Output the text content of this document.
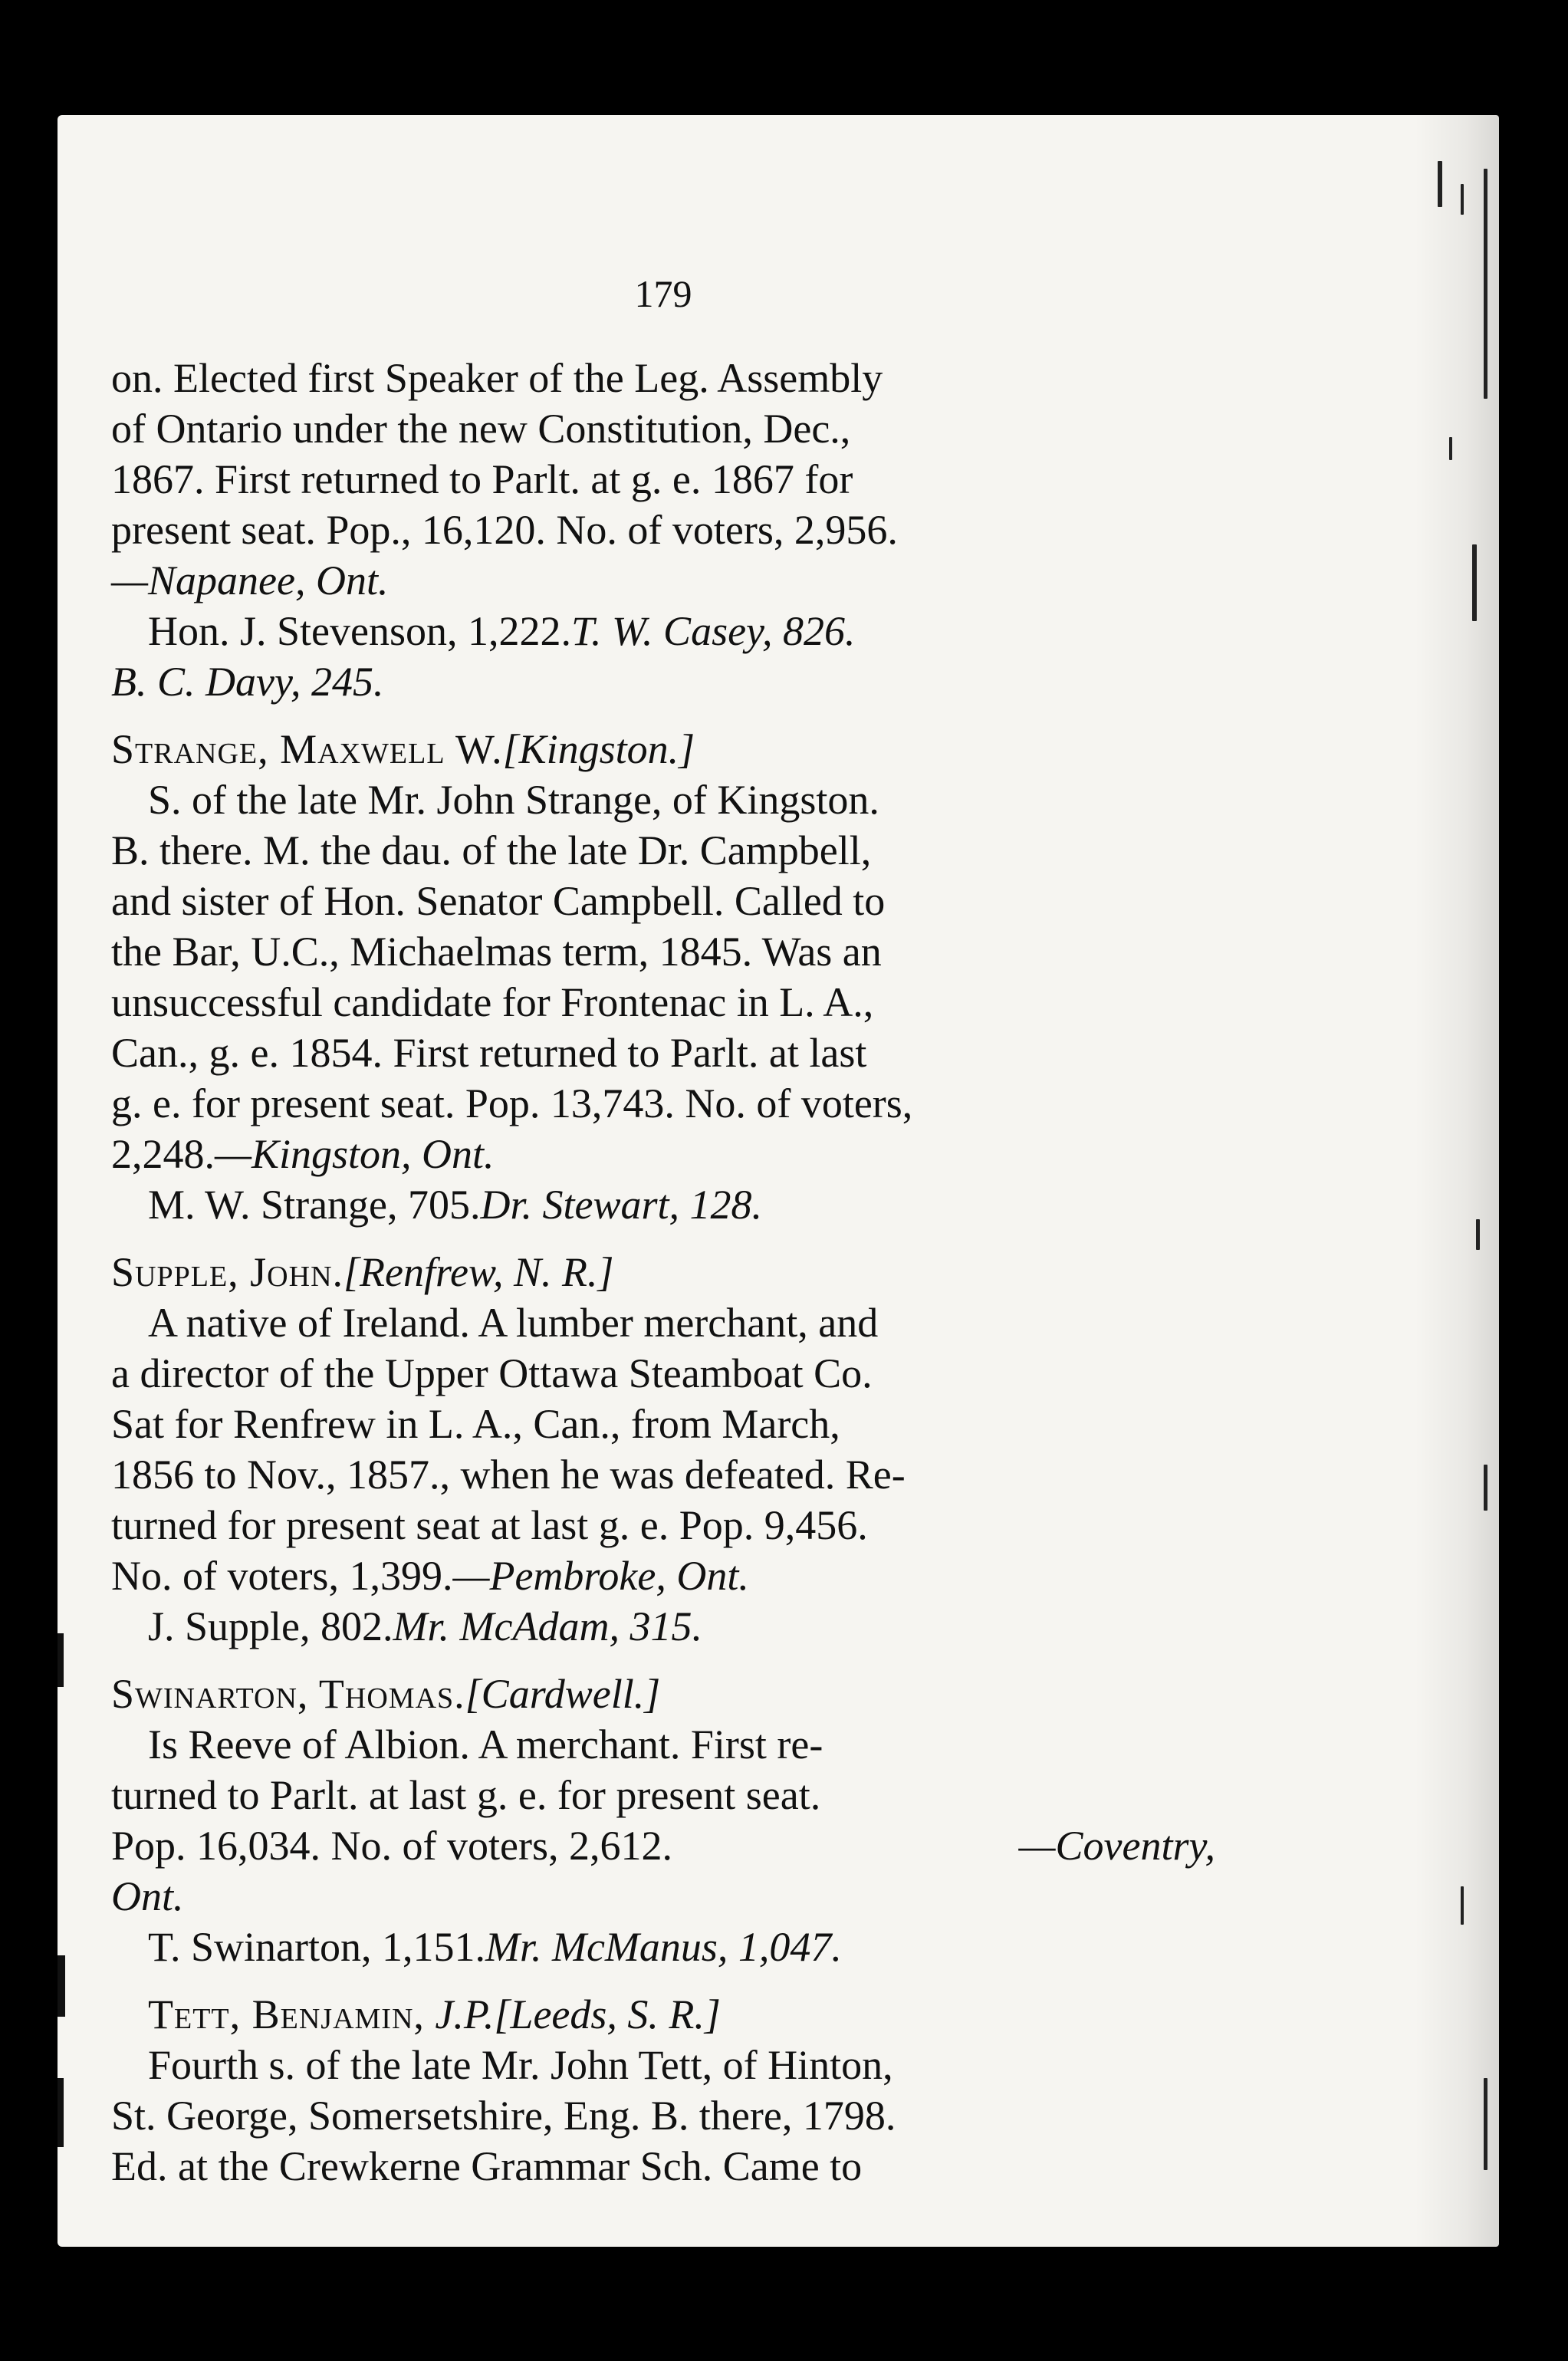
179
on. Elected first Speaker of the Leg. Assembly
of Ontario under the new Constitution, Dec.,
1867. First returned to Parlt. at g. e. 1867 for
present seat. Pop., 16,120. No. of voters, 2,956.
—Napanee, Ont.
Hon. J. Stevenson, 1,222. T. W. Casey, 826.
B. C. Davy, 245.
Strange, Maxwell W. [Kingston.]
S. of the late Mr. John Strange, of Kingston.
B. there. M. the dau. of the late Dr. Campbell,
and sister of Hon. Senator Campbell. Called to
the Bar, U.C., Michaelmas term, 1845. Was an
unsuccessful candidate for Frontenac in L. A.,
Can., g. e. 1854. First returned to Parlt. at last
g. e. for present seat. Pop. 13,743. No. of voters,
2,248. —Kingston, Ont.
M. W. Strange, 705. Dr. Stewart, 128.
Supple, John. [Renfrew, N. R.]
A native of Ireland. A lumber merchant, and
a director of the Upper Ottawa Steamboat Co.
Sat for Renfrew in L. A., Can., from March,
1856 to Nov., 1857., when he was defeated. Re-
turned for present seat at last g. e. Pop. 9,456.
No. of voters, 1,399. —Pembroke, Ont.
J. Supple, 802. Mr. McAdam, 315.
Swinarton, Thomas. [Cardwell.]
Is Reeve of Albion. A merchant. First re-
turned to Parlt. at last g. e. for present seat.
Pop. 16,034. No. of voters, 2,612.	—Coventry,
Ont.
T. Swinarton, 1,151. Mr. McManus, 1,047.
Tett, Benjamin, J.P. [Leeds, S. R.]
Fourth s. of the late Mr. John Tett, of Hinton,
St. George, Somersetshire, Eng. B. there, 1798.
Ed. at the Crewkerne Grammar Sch. Came to
